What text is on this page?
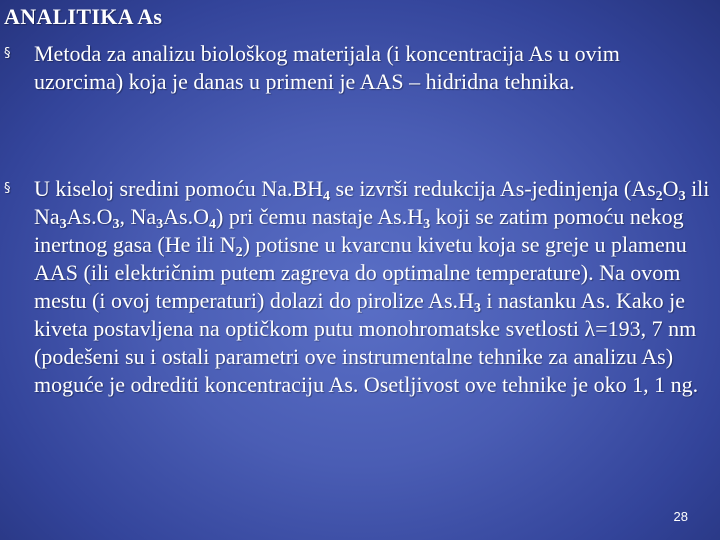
ANALITIKA As
§ Metoda za analizu biološkog materijala (i koncentracija As u ovim uzorcima) koja je danas u primeni je AAS – hidridna tehnika.
§ U kiseloj sredini pomoću $Na.BH_4$ se izvrši redukcija As-jedinjenja ($As_2O_3$ ili $Na_3As.O_3$, $Na_3As.O_4$) pri čemu nastaje $As.H_3$ koji se zatim pomoću nekog inertnog gasa (He ili $N_2$) potisne u kvarcnu kivetu koja se greje u plamenu AAS (ili električnim putem zagreva do optimalne temperature). Na ovom mestu (i ovoj temperaturi) dolazi do pirolize $As.H_3$ i nastanku As. Kako je kiveta postavljena na optičkom putu monohromatske svetlosti λ=193, 7 nm (podešeni su i ostali parametri ove instrumentalne tehnike za analizu As) moguće je odrediti koncentraciju As. Osetljivost ove tehnike je oko 1, 1 ng.
28
